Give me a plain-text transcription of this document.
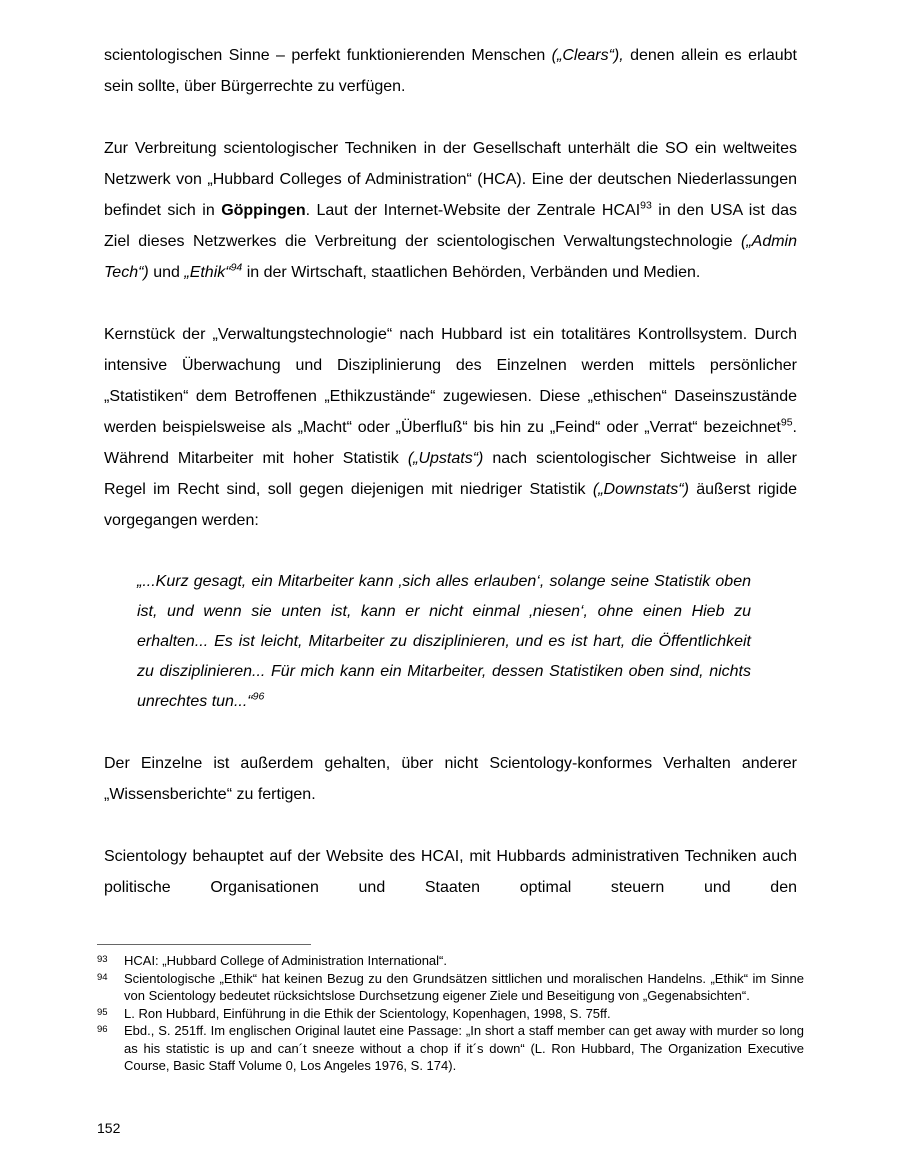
scientologischen Sinne – perfekt funktionierenden Menschen („Clears“), denen allein es erlaubt sein sollte, über Bürgerrechte zu verfügen.

Zur Verbreitung scientologischer Techniken in der Gesellschaft unterhält die SO ein weltweites Netzwerk von „Hubbard Colleges of Administration“ (HCA). Eine der deutschen Niederlassungen befindet sich in Göppingen. Laut der Internet-Website der Zentrale HCAI$^{93}$ in den USA ist das Ziel dieses Netzwerkes die Verbreitung der scientologischen Verwaltungstechnologie („Admin Tech“) und „Ethik“$^{94}$ in der Wirtschaft, staatlichen Behörden, Verbänden und Medien.

Kernstück der „Verwaltungstechnologie“ nach Hubbard ist ein totalitäres Kontrollsystem. Durch intensive Überwachung und Disziplinierung des Einzelnen werden mittels persönlicher „Statistiken“ dem Betroffenen „Ethikzustände“ zugewiesen. Diese „ethischen“ Daseinszustände werden beispielsweise als „Macht“ oder „Überfluß“ bis hin zu „Feind“ oder „Verrat“ bezeichnet$^{95}$. Während Mitarbeiter mit hoher Statistik („Upstats“) nach scientologischer Sichtweise in aller Regel im Recht sind, soll gegen diejenigen mit niedriger Statistik („Downstats“) äußerst rigide vorgegangen werden:

„...Kurz gesagt, ein Mitarbeiter kann ‚sich alles erlauben‘, solange seine Statistik oben ist, und wenn sie unten ist, kann er nicht einmal ‚niesen‘, ohne einen Hieb zu erhalten... Es ist leicht, Mitarbeiter zu disziplinieren, und es ist hart, die Öffentlichkeit zu disziplinieren... Für mich kann ein Mitarbeiter, dessen Statistiken oben sind, nichts unrechtes tun...“$^{96}$

Der Einzelne ist außerdem gehalten, über nicht Scientology-konformes Verhalten anderer „Wissensberichte“ zu fertigen.

Scientology behauptet auf der Website des HCAI, mit Hubbards administrativen Techniken auch politische Organisationen und Staaten optimal steuern und den

93	HCAI: „Hubbard College of Administration International“.
94	Scientologische „Ethik“ hat keinen Bezug zu den Grundsätzen sittlichen und moralischen Handelns. „Ethik“ im Sinne von Scientology bedeutet rücksichtslose Durchsetzung eigener Ziele und Beseitigung von „Gegenabsichten“.
95	L. Ron Hubbard, Einführung in die Ethik der Scientology, Kopenhagen, 1998, S. 75ff.
96	Ebd., S. 251ff. Im englischen Original lautet eine Passage: „In short a staff member can get away with murder so long as his statistic is up and can´t sneeze without a chop if it´s down“ (L. Ron Hubbard, The Organization Executive Course, Basic Staff Volume 0, Los Angeles 1976, S. 174).
152
